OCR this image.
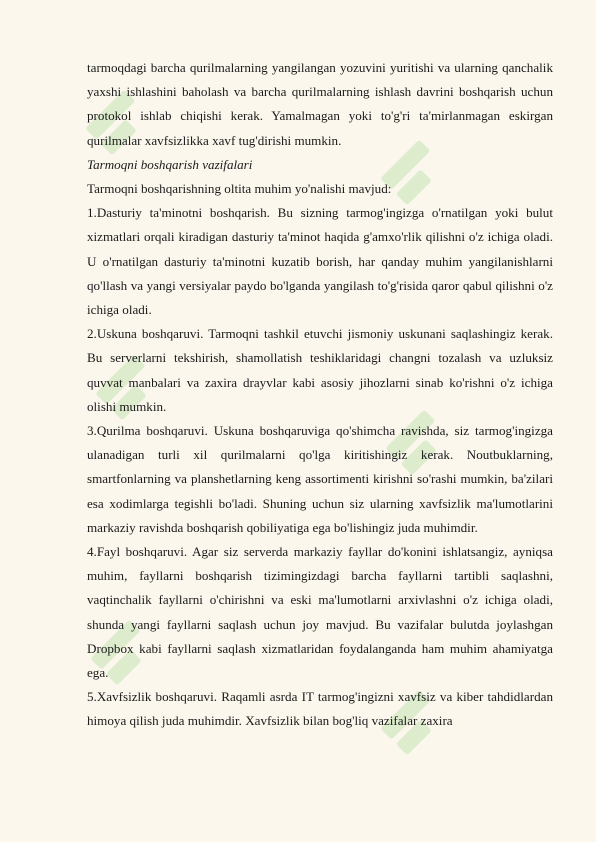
tarmoqdagi barcha qurilmalarning yangilangan yozuvini yuritishi va ularning qanchalik yaxshi ishlashini baholash va barcha qurilmalarning ishlash davrini boshqarish uchun protokol ishlab chiqishi kerak. Yamalmagan yoki to'g'ri ta'mirlanmagan eskirgan qurilmalar xavfsizlikka xavf tug'dirishi mumkin.

Tarmoqni boshqarish vazifalari

Tarmoqni boshqarishning oltita muhim yo'nalishi mavjud:

1.Dasturiy ta'minotni boshqarish. Bu sizning tarmog'ingizga o'rnatilgan yoki bulut xizmatlari orqali kiradigan dasturiy ta'minot haqida g'amxo'rlik qilishni o'z ichiga oladi. U o'rnatilgan dasturiy ta'minotni kuzatib borish, har qanday muhim yangilanishlarni qo'llash va yangi versiyalar paydo bo'lganda yangilash to'g'risida qaror qabul qilishni o'z ichiga oladi.

2.Uskuna boshqaruvi. Tarmoqni tashkil etuvchi jismoniy uskunani saqlashingiz kerak. Bu serverlarni tekshirish, shamollatish teshiklaridagi changni tozalash va uzluksiz quvvat manbalari va zaxira drayvlar kabi asosiy jihozlarni sinab ko'rishni o'z ichiga olishi mumkin.

3.Qurilma boshqaruvi. Uskuna boshqaruviga qo'shimcha ravishda, siz tarmog'ingizga ulanadigan turli xil qurilmalarni qo'lga kiritishingiz kerak. Noutbuklarning, smartfonlarning va planshetlarning keng assortimenti kirishni so'rashi mumkin, ba'zilari esa xodimlarga tegishli bo'ladi. Shuning uchun siz ularning xavfsizlik ma'lumotlarini markaziy ravishda boshqarish qobiliyatiga ega bo'lishingiz juda muhimdir.

4.Fayl boshqaruvi. Agar siz serverda markaziy fayllar do'konini ishlatsangiz, ayniqsa muhim, fayllarni boshqarish tizimingizdagi barcha fayllarni tartibli saqlashni, vaqtinchalik fayllarni o'chirishni va eski ma'lumotlarni arxivlashni o'z ichiga oladi, shunda yangi fayllarni saqlash uchun joy mavjud. Bu vazifalar bulutda joylashgan Dropbox kabi fayllarni saqlash xizmatlaridan foydalanganda ham muhim ahamiyatga ega.

5.Xavfsizlik boshqaruvi. Raqamli asrda IT tarmog'ingizni xavfsiz va kiber tahdidlardan himoya qilish juda muhimdir. Xavfsizlik bilan bog'liq vazifalar zaxira
